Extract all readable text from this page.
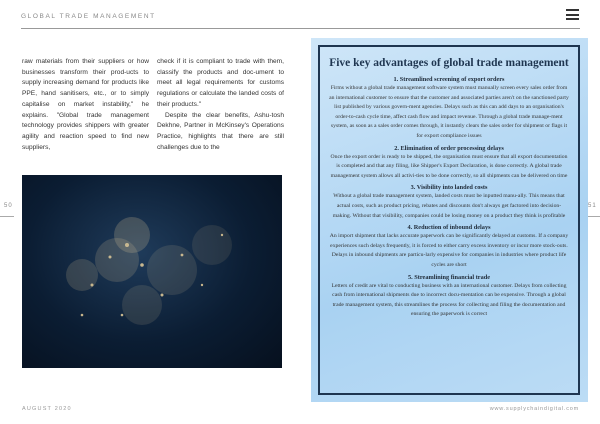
GLOBAL TRADE MANAGEMENT

raw materials from their suppliers or how businesses transform their prod-ucts to supply increasing demand for products like PPE, hand sanitisers, etc., or to simply capitalise on market instability," he explains. "Global trade management technology provides shippers with greater agility and reaction speed to find new suppliers,

check if it is compliant to trade with them, classify the products and doc-ument to meet all legal requirements for customs regulations or calculate the landed costs of their products."

Despite the clear benefits, Ashu-tosh Dekhne, Partner in McKinsey's Operations Practice, highlights that there are still challenges due to the

50	51
Five key advantages of global trade management
1. Streamlined screening of export orders

Firms without a global trade management software system must manually screen every sales order from an international customer to ensure that the customer and associated parties aren't on the sanctioned party list published by various govern-ment agencies. Delays such as this can add days to an organisation's order-to-cash cycle time, affect cash flow and impact revenue. Through a global trade manage-ment system, as soon as a sales order comes through, it instantly clears the sales order for shipment or flags it for export compliance issues

2. Elimination of order processing delays

Once the export order is ready to be shipped, the organisation must ensure that all export documentation is completed and that any filing, like Shipper's Export Declaration, is done correctly. A global trade management system allows all activi-ties to be done correctly, so all shipments can be delivered on time

3. Visibility into landed costs

Without a global trade management system, landed costs must be inputted manu-ally. This means that actual costs, such as product pricing, rebates and discounts don't always get factored into decision-making. Without that visibility, companies could be losing money on a product they think is profitable

4. Reduction of inbound delays

An import shipment that lacks accurate paperwork can be significantly delayed at customs. If a company experiences such delays frequently, it is forced to either carry excess inventory or incur more stock-outs. Delays in inbound shipments are particu-larly expensive for companies in industries where product life cycles are short

5. Streamlining financial trade

Letters of credit are vital to conducting business with an international customer. Delays from collecting cash from international shipments due to incorrect docu-mentation can be expensive. Through a global trade management system, this streamlines the process for collecting and filing the documentation and ensuring the paperwork is correct

AUGUST 2020	www.supplychaindigital.com
